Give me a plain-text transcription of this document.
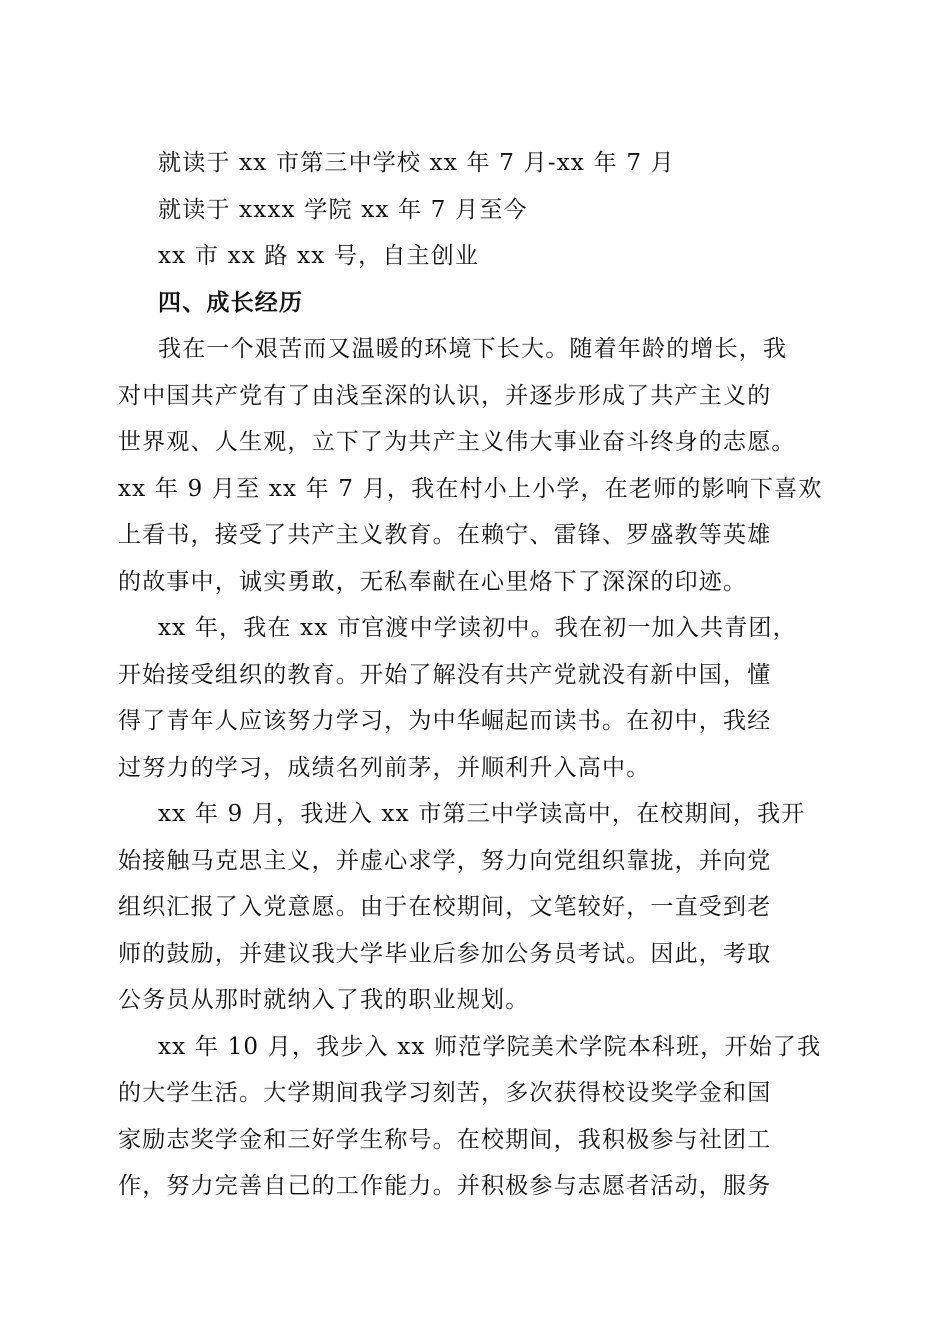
就读于 xx 市第三中学校 xx 年 7 月-xx 年 7 月
就读于 xxxx 学院 xx 年 7 月至今
xx 市 xx 路 xx 号，自主创业
四、成长经历
我在一个艰苦而又温暖的环境下长大。随着年龄的增长，我
对中国共产党有了由浅至深的认识，并逐步形成了共产主义的
世界观、人生观，立下了为共产主义伟大事业奋斗终身的志愿。
xx 年 9 月至 xx 年 7 月，我在村小上小学，在老师的影响下喜欢
上看书，接受了共产主义教育。在赖宁、雷锋、罗盛教等英雄
的故事中，诚实勇敢，无私奉献在心里烙下了深深的印迹。
xx 年，我在 xx 市官渡中学读初中。我在初一加入共青团，
开始接受组织的教育。开始了解没有共产党就没有新中国，懂
得了青年人应该努力学习，为中华崛起而读书。在初中，我经
过努力的学习，成绩名列前茅，并顺利升入高中。
xx 年 9 月，我进入 xx 市第三中学读高中，在校期间，我开
始接触马克思主义，并虚心求学，努力向党组织靠拢，并向党
组织汇报了入党意愿。由于在校期间，文笔较好，一直受到老
师的鼓励，并建议我大学毕业后参加公务员考试。因此，考取
公务员从那时就纳入了我的职业规划。
xx 年 10 月，我步入 xx 师范学院美术学院本科班，开始了我
的大学生活。大学期间我学习刻苦，多次获得校设奖学金和国
家励志奖学金和三好学生称号。在校期间，我积极参与社团工
作，努力完善自己的工作能力。并积极参与志愿者活动，服务
